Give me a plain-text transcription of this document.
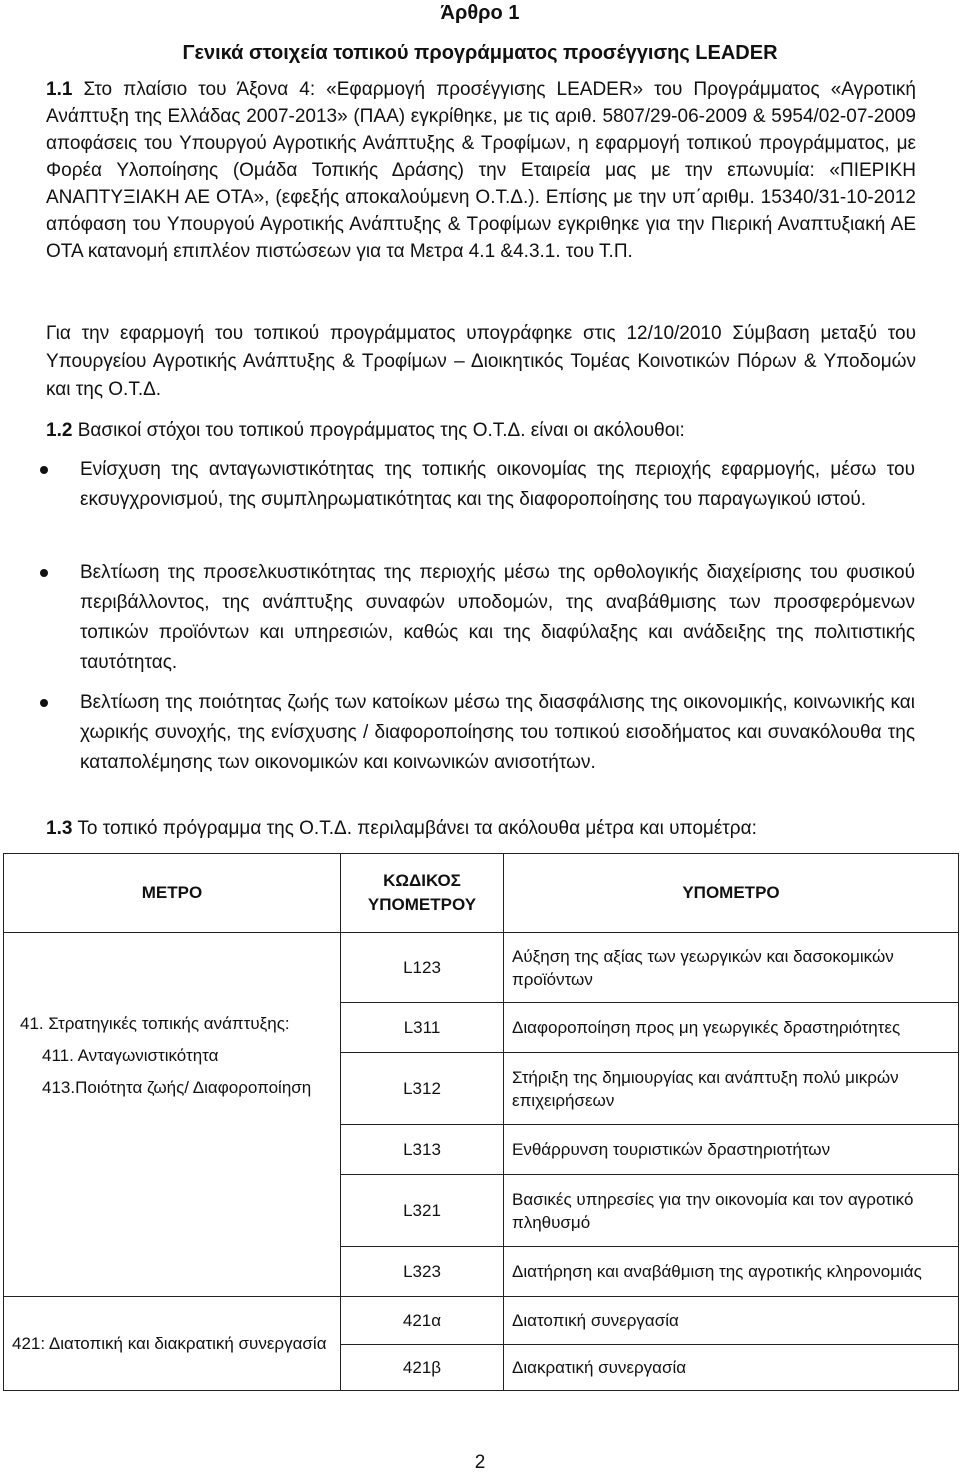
Άρθρο 1
Γενικά στοιχεία τοπικού προγράμματος προσέγγισης LEADER

1.1 Στο πλαίσιο του Άξονα 4: «Εφαρμογή προσέγγισης LEADER» του Προγράμματος «Αγροτική Ανάπτυξη της Ελλάδας 2007-2013» (ΠΑΑ) εγκρίθηκε, με τις αριθ. 5807/29-06-2009 & 5954/02-07-2009 αποφάσεις του Υπουργού Αγροτικής Ανάπτυξης & Τροφίμων, η εφαρμογή τοπικού προγράμματος, με Φορέα Υλοποίησης (Ομάδα Τοπικής Δράσης) την Εταιρεία μας με την επωνυμία: «ΠΙΕΡΙΚΗ ΑΝΑΠΤΥΞΙΑΚΗ ΑΕ ΟΤΑ», (εφεξής αποκαλούμενη Ο.Τ.Δ.). Επίσης με την υπ΄αριθμ. 15340/31-10-2012 απόφαση του Υπουργού Αγροτικής Ανάπτυξης & Τροφίμων εγκριθηκε για την Πιερική Αναπτυξιακή ΑΕ ΟΤΑ κατανομή επιπλέον πιστώσεων για τα Μετρα 4.1 &4.3.1. του Τ.Π.

Για την εφαρμογή του τοπικού προγράμματος υπογράφηκε στις 12/10/2010 Σύμβαση μεταξύ του Υπουργείου Αγροτικής Ανάπτυξης & Τροφίμων – Διοικητικός Τομέας Κοινοτικών Πόρων & Υποδομών και της Ο.Τ.Δ.

1.2 Βασικοί στόχοι του τοπικού προγράμματος της Ο.Τ.Δ. είναι οι ακόλουθοι:

Ενίσχυση της ανταγωνιστικότητας της τοπικής οικονομίας της περιοχής εφαρμογής, μέσω του εκσυγχρονισμού, της συμπληρωματικότητας και της διαφοροποίησης του παραγωγικού ιστού.

Βελτίωση της προσελκυστικότητας της περιοχής μέσω της ορθολογικής διαχείρισης του φυσικού περιβάλλοντος, της ανάπτυξης συναφών υποδομών, της αναβάθμισης των προσφερόμενων τοπικών προϊόντων και υπηρεσιών, καθώς και της διαφύλαξης και ανάδειξης της πολιτιστικής ταυτότητας.

Βελτίωση της ποιότητας ζωής των κατοίκων μέσω της διασφάλισης της οικονομικής, κοινωνικής και χωρικής συνοχής, της ενίσχυσης / διαφοροποίησης του τοπικού εισοδήματος και συνακόλουθα της καταπολέμησης των οικονομικών και κοινωνικών ανισοτήτων.

1.3 Το τοπικό πρόγραμμα της Ο.Τ.Δ. περιλαμβάνει τα ακόλουθα μέτρα και υπομέτρα:
ΜΕΤΡΟ	ΚΩΔΙΚΟΣ ΥΠΟΜΕΤΡΟΥ	ΥΠΟΜΕΤΡΟ

41. Στρατηγικές τοπικής ανάπτυξης:
411. Ανταγωνιστικότητα
413.Ποιότητα ζωής/ Διαφοροποίηση	L123	Αύξηση της αξίας των γεωργικών και δασοκομικών προϊόντων
	L311	Διαφοροποίηση προς μη γεωργικές δραστηριότητες
	L312	Στήριξη της δημιουργίας και ανάπτυξη πολύ μικρών επιχειρήσεων
	L313	Ενθάρρυνση τουριστικών δραστηριοτήτων
	L321	Βασικές υπηρεσίες για την οικονομία και τον αγροτικό πληθυσμό
	L323	Διατήρηση και αναβάθμιση της αγροτικής κληρονομιάς
421: Διατοπική και διακρατική συνεργασία	421α	Διατοπική συνεργασία
	421β	Διακρατική συνεργασία
2
